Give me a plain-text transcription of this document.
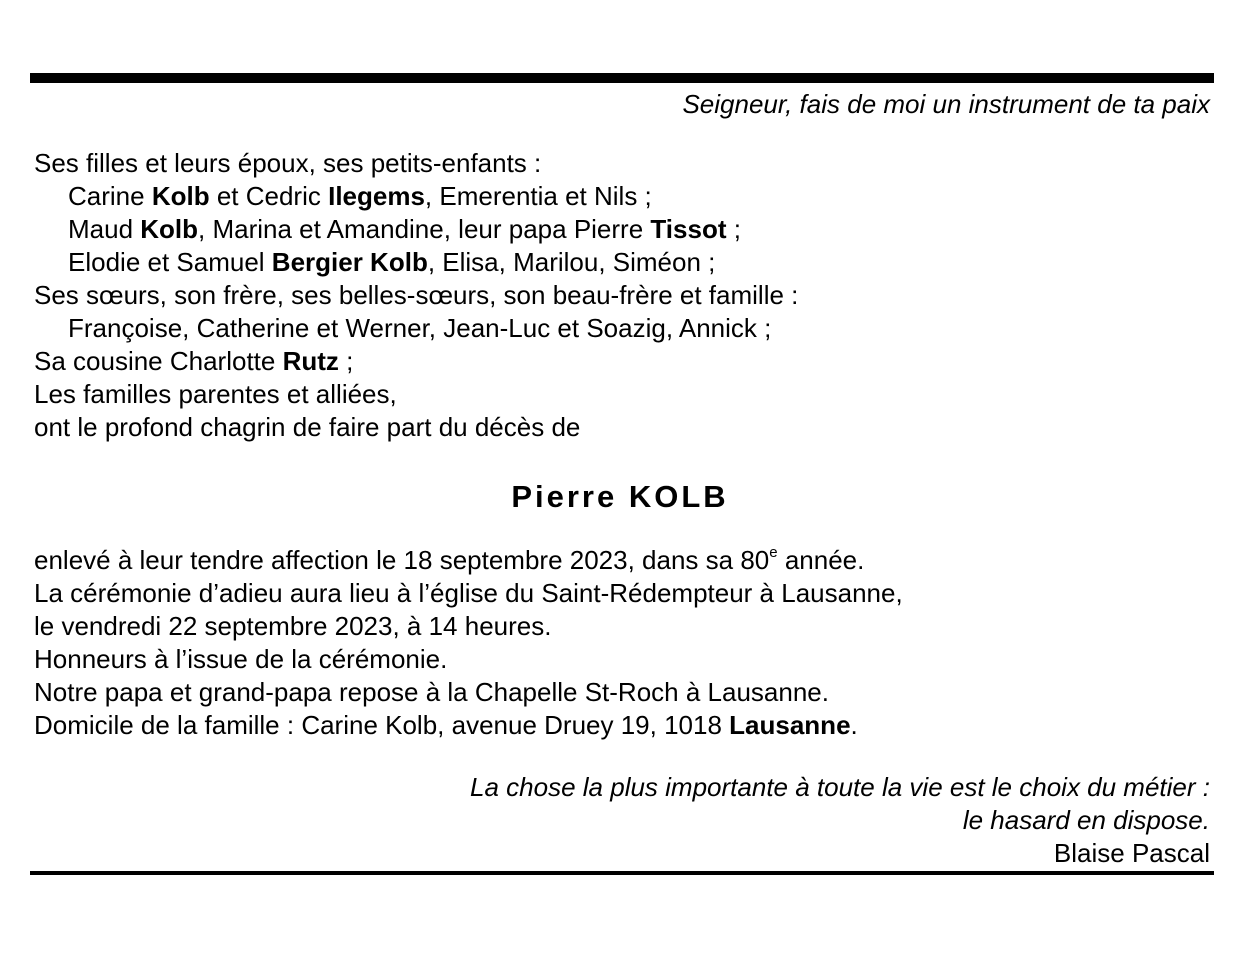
Seigneur, fais de moi un instrument de ta paix
Ses filles et leurs époux, ses petits-enfants :
Carine Kolb et Cedric Ilegems, Emerentia et Nils ;
Maud Kolb, Marina et Amandine, leur papa Pierre Tissot ;
Elodie et Samuel Bergier Kolb, Elisa, Marilou, Siméon ;
Ses sœurs, son frère, ses belles-sœurs, son beau-frère et famille :
Françoise, Catherine et Werner, Jean-Luc et Soazig, Annick ;
Sa cousine Charlotte Rutz ;
Les familles parentes et alliées,
ont le profond chagrin de faire part du décès de
Pierre KOLB
enlevé à leur tendre affection le 18 septembre 2023, dans sa 80e année.
La cérémonie d’adieu aura lieu à l’église du Saint-Rédempteur à Lausanne,
le vendredi 22 septembre 2023, à 14 heures.
Honneurs à l’issue de la cérémonie.
Notre papa et grand-papa repose à la Chapelle St-Roch à Lausanne.
Domicile de la famille : Carine Kolb, avenue Druey 19, 1018 Lausanne.
La chose la plus importante à toute la vie est le choix du métier :
le hasard en dispose.
Blaise Pascal
